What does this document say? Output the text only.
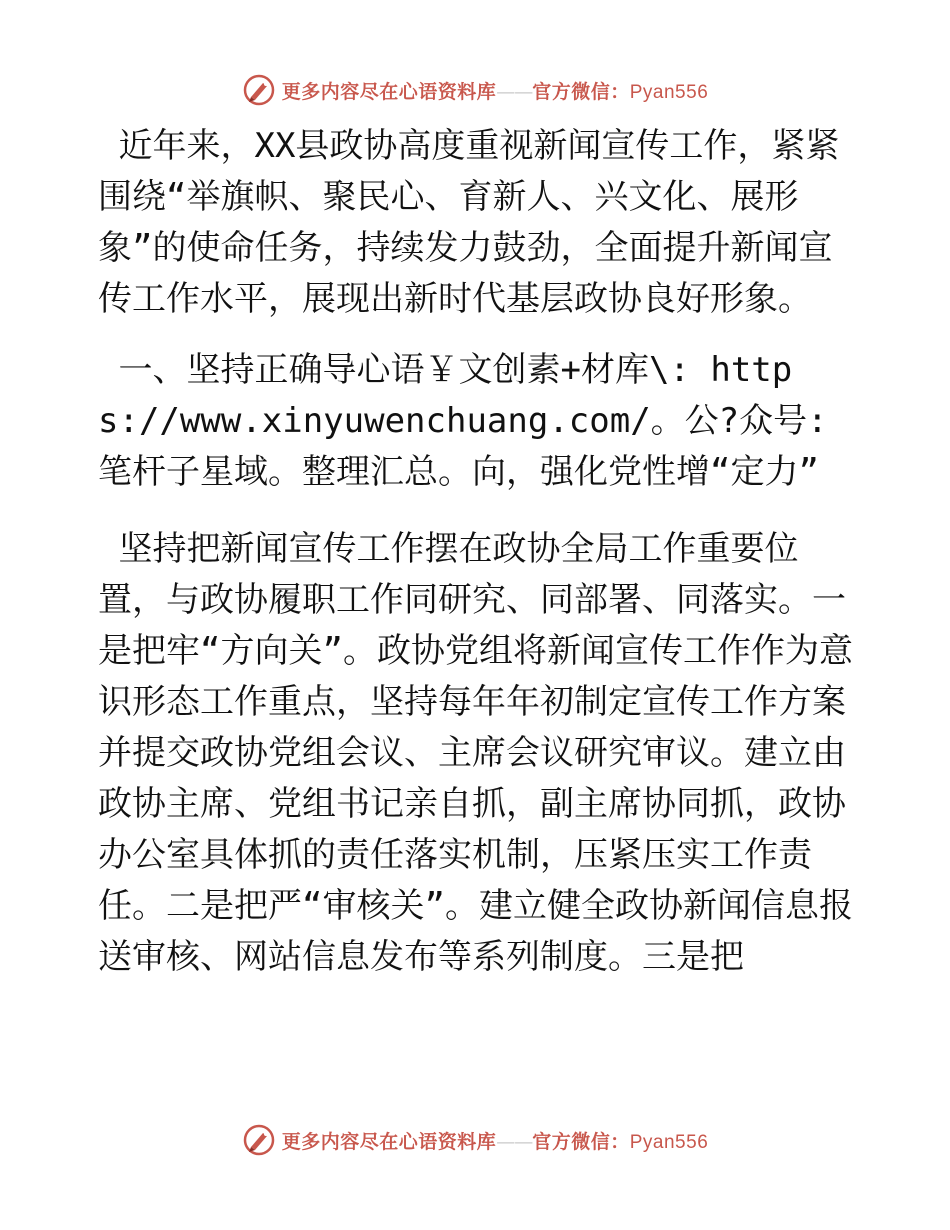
更多内容尽在心语资料库——官方微信：Pyan556

近年来，XX县政协高度重视新闻宣传工作，紧紧围绕“举旗帜、聚民心、育新人、兴文化、展形象”的使命任务，持续发力鼓劲，全面提升新闻宣传工作水平，展现出新时代基层政协良好形象。

一、坚持正确导心语￥文创素+材库\: https://www.xinyuwenchuang.com/。公?众号: 笔杆子星域。整理汇总。向，强化党性增“定力”

坚持把新闻宣传工作摆在政协全局工作重要位置，与政协履职工作同研究、同部署、同落实。一是把牢“方向关”。政协党组将新闻宣传工作作为意识形态工作重点，坚持每年年初制定宣传工作方案并提交政协党组会议、主席会议研究审议。建立由政协主席、党组书记亲自抓，副主席协同抓，政协办公室具体抓的责任落实机制，压紧压实工作责任。二是把严“审核关”。建立健全政协新闻信息报送审核、网站信息发布等系列制度。三是把

更多内容尽在心语资料库——官方微信：Pyan556
